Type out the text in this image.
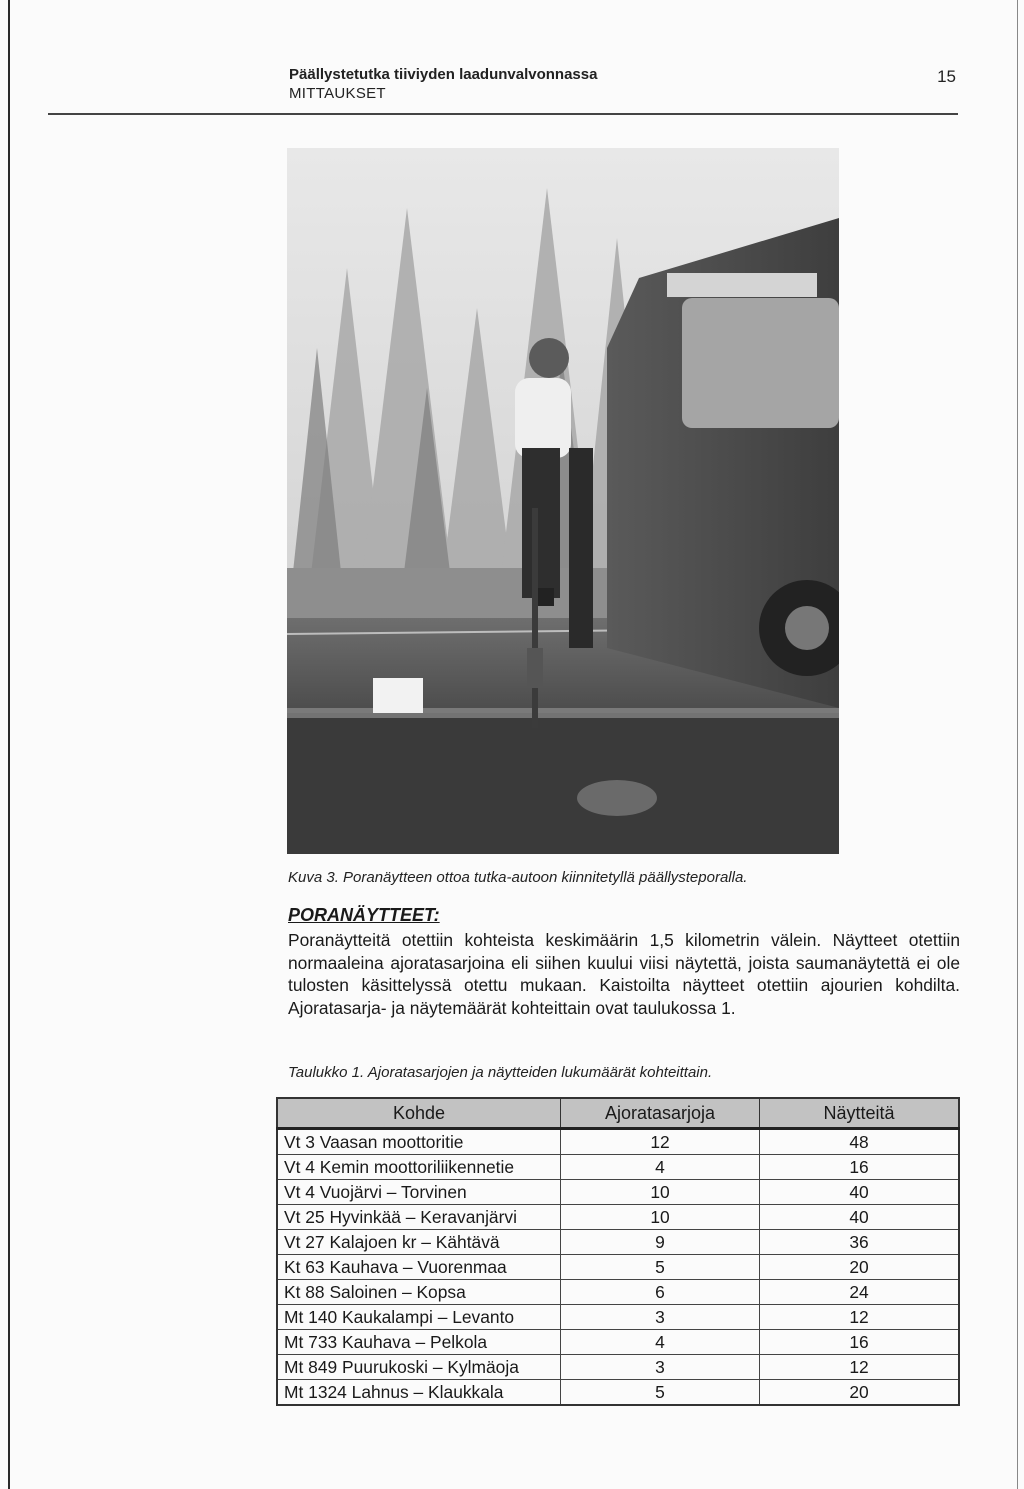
Päällystetutka tiiviyden laadunvalvonnassa
MITTAUKSET
15
Kuva 3. Poranäytteen ottoa tutka-autoon kiinnitetyllä päällysteporalla.
PORANÄYTTEET:
Poranäytteitä otettiin kohteista keskimäärin 1,5 kilometrin välein. Näytteet otettiin normaaleina ajoratasarjoina eli siihen kuului viisi näytettä, joista saumanäytettä ei ole tulosten käsittelyssä otettu mukaan. Kaistoilta näytteet otettiin ajourien kohdilta. Ajoratasarja- ja näytemäärät kohteittain ovat taulukossa 1.
Taulukko 1. Ajoratasarjojen ja näytteiden lukumäärät kohteittain.
Kohde	Ajoratasarjoja	Näytteitä
Vt 3 Vaasan moottoritie	12	48
Vt 4 Kemin moottoriliikennetie	4	16
Vt 4 Vuojärvi – Torvinen	10	40
Vt 25 Hyvinkää – Keravanjärvi	10	40
Vt 27 Kalajoen kr – Kähtävä	9	36
Kt 63 Kauhava – Vuorenmaa	5	20
Kt 88 Saloinen – Kopsa	6	24
Mt 140 Kaukalampi – Levanto	3	12
Mt 733 Kauhava – Pelkola	4	16
Mt 849 Puurukoski – Kylmäoja	3	12
Mt 1324 Lahnus – Klaukkala	5	20
